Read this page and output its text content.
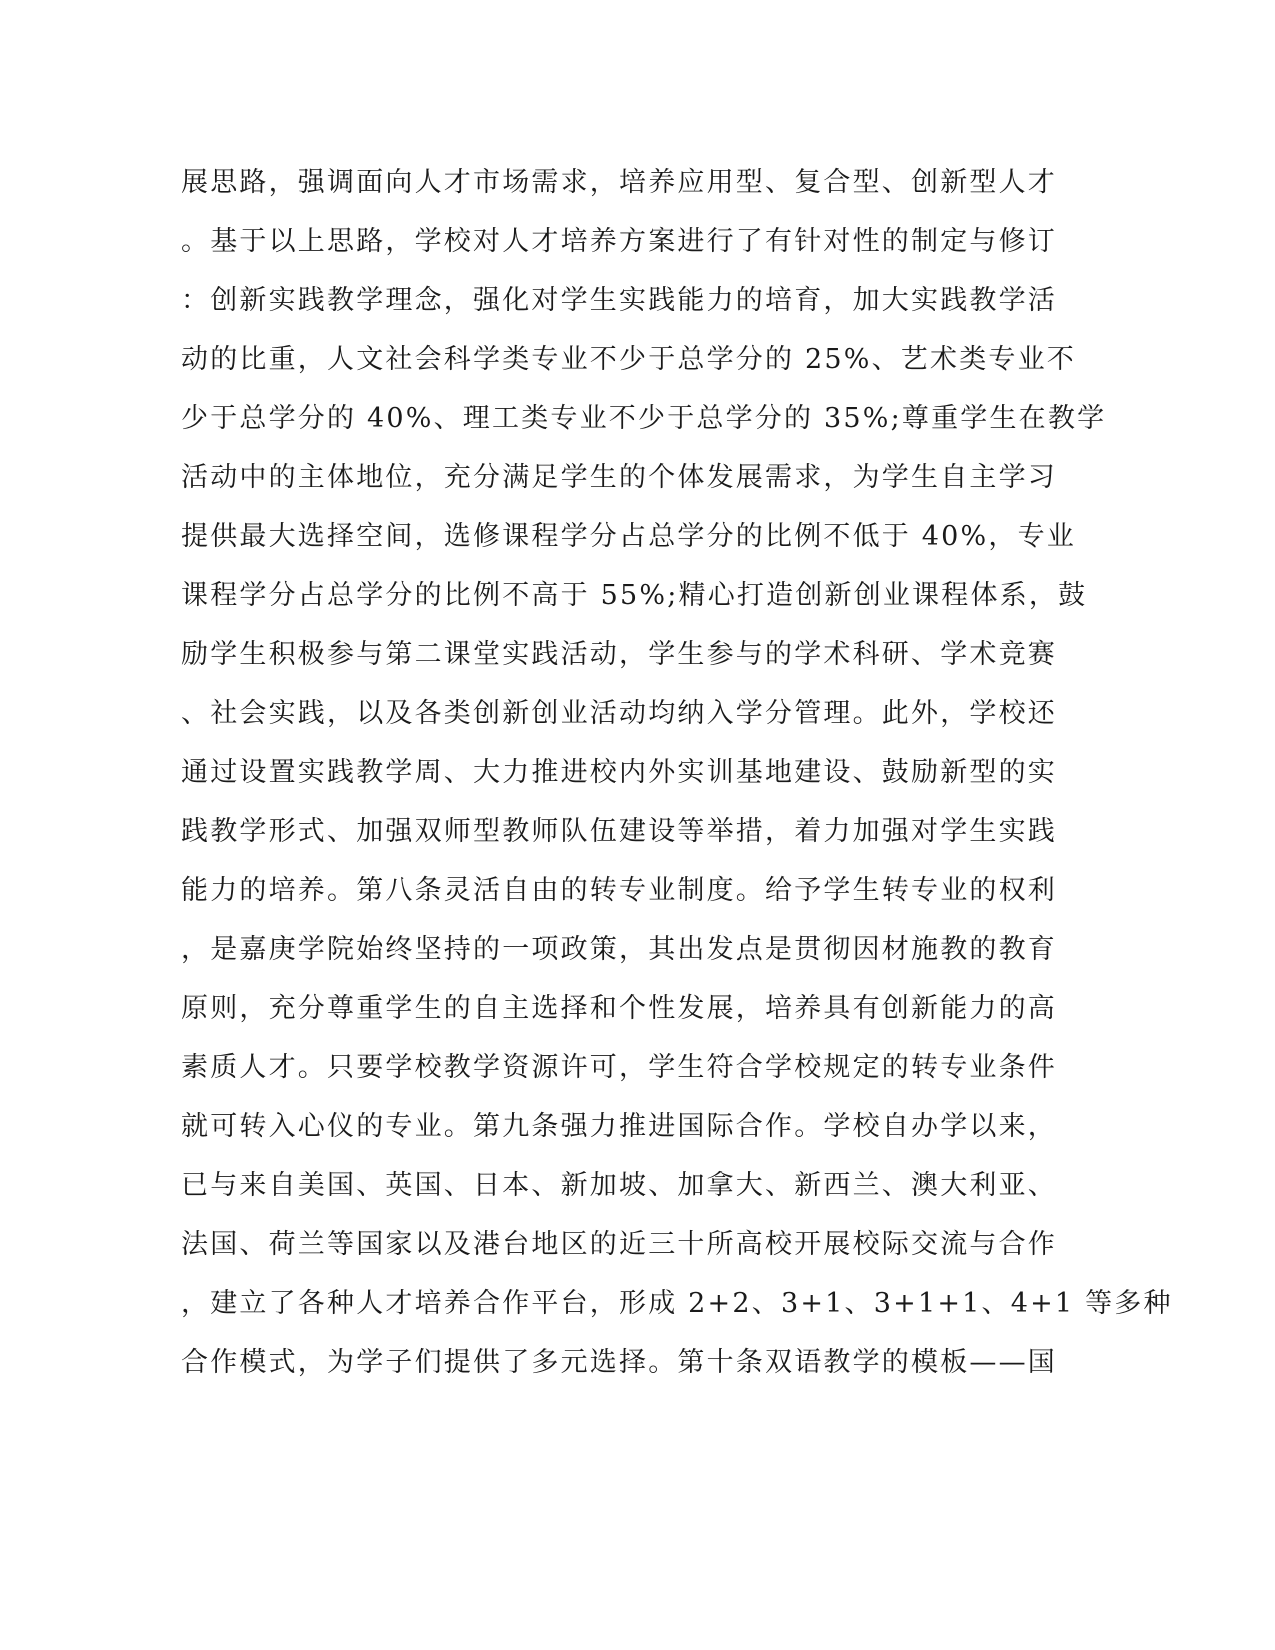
展思路，强调面向人才市场需求，培养应用型、复合型、创新型人才
。基于以上思路，学校对人才培养方案进行了有针对性的制定与修订
：创新实践教学理念，强化对学生实践能力的培育，加大实践教学活
动的比重，人文社会科学类专业不少于总学分的 25%、艺术类专业不
少于总学分的 40%、理工类专业不少于总学分的 35%;尊重学生在教学
活动中的主体地位，充分满足学生的个体发展需求，为学生自主学习
提供最大选择空间，选修课程学分占总学分的比例不低于 40%，专业
课程学分占总学分的比例不高于 55%;精心打造创新创业课程体系，鼓
励学生积极参与第二课堂实践活动，学生参与的学术科研、学术竞赛
、社会实践，以及各类创新创业活动均纳入学分管理。此外，学校还
通过设置实践教学周、大力推进校内外实训基地建设、鼓励新型的实
践教学形式、加强双师型教师队伍建设等举措，着力加强对学生实践
能力的培养。第八条灵活自由的转专业制度。给予学生转专业的权利
，是嘉庚学院始终坚持的一项政策，其出发点是贯彻因材施教的教育
原则，充分尊重学生的自主选择和个性发展，培养具有创新能力的高
素质人才。只要学校教学资源许可，学生符合学校规定的转专业条件
就可转入心仪的专业。第九条强力推进国际合作。学校自办学以来，
已与来自美国、英国、日本、新加坡、加拿大、新西兰、澳大利亚、
法国、荷兰等国家以及港台地区的近三十所高校开展校际交流与合作
，建立了各种人才培养合作平台，形成 2+2、3+1、3+1+1、4+1 等多种
合作模式，为学子们提供了多元选择。第十条双语教学的模板——国
